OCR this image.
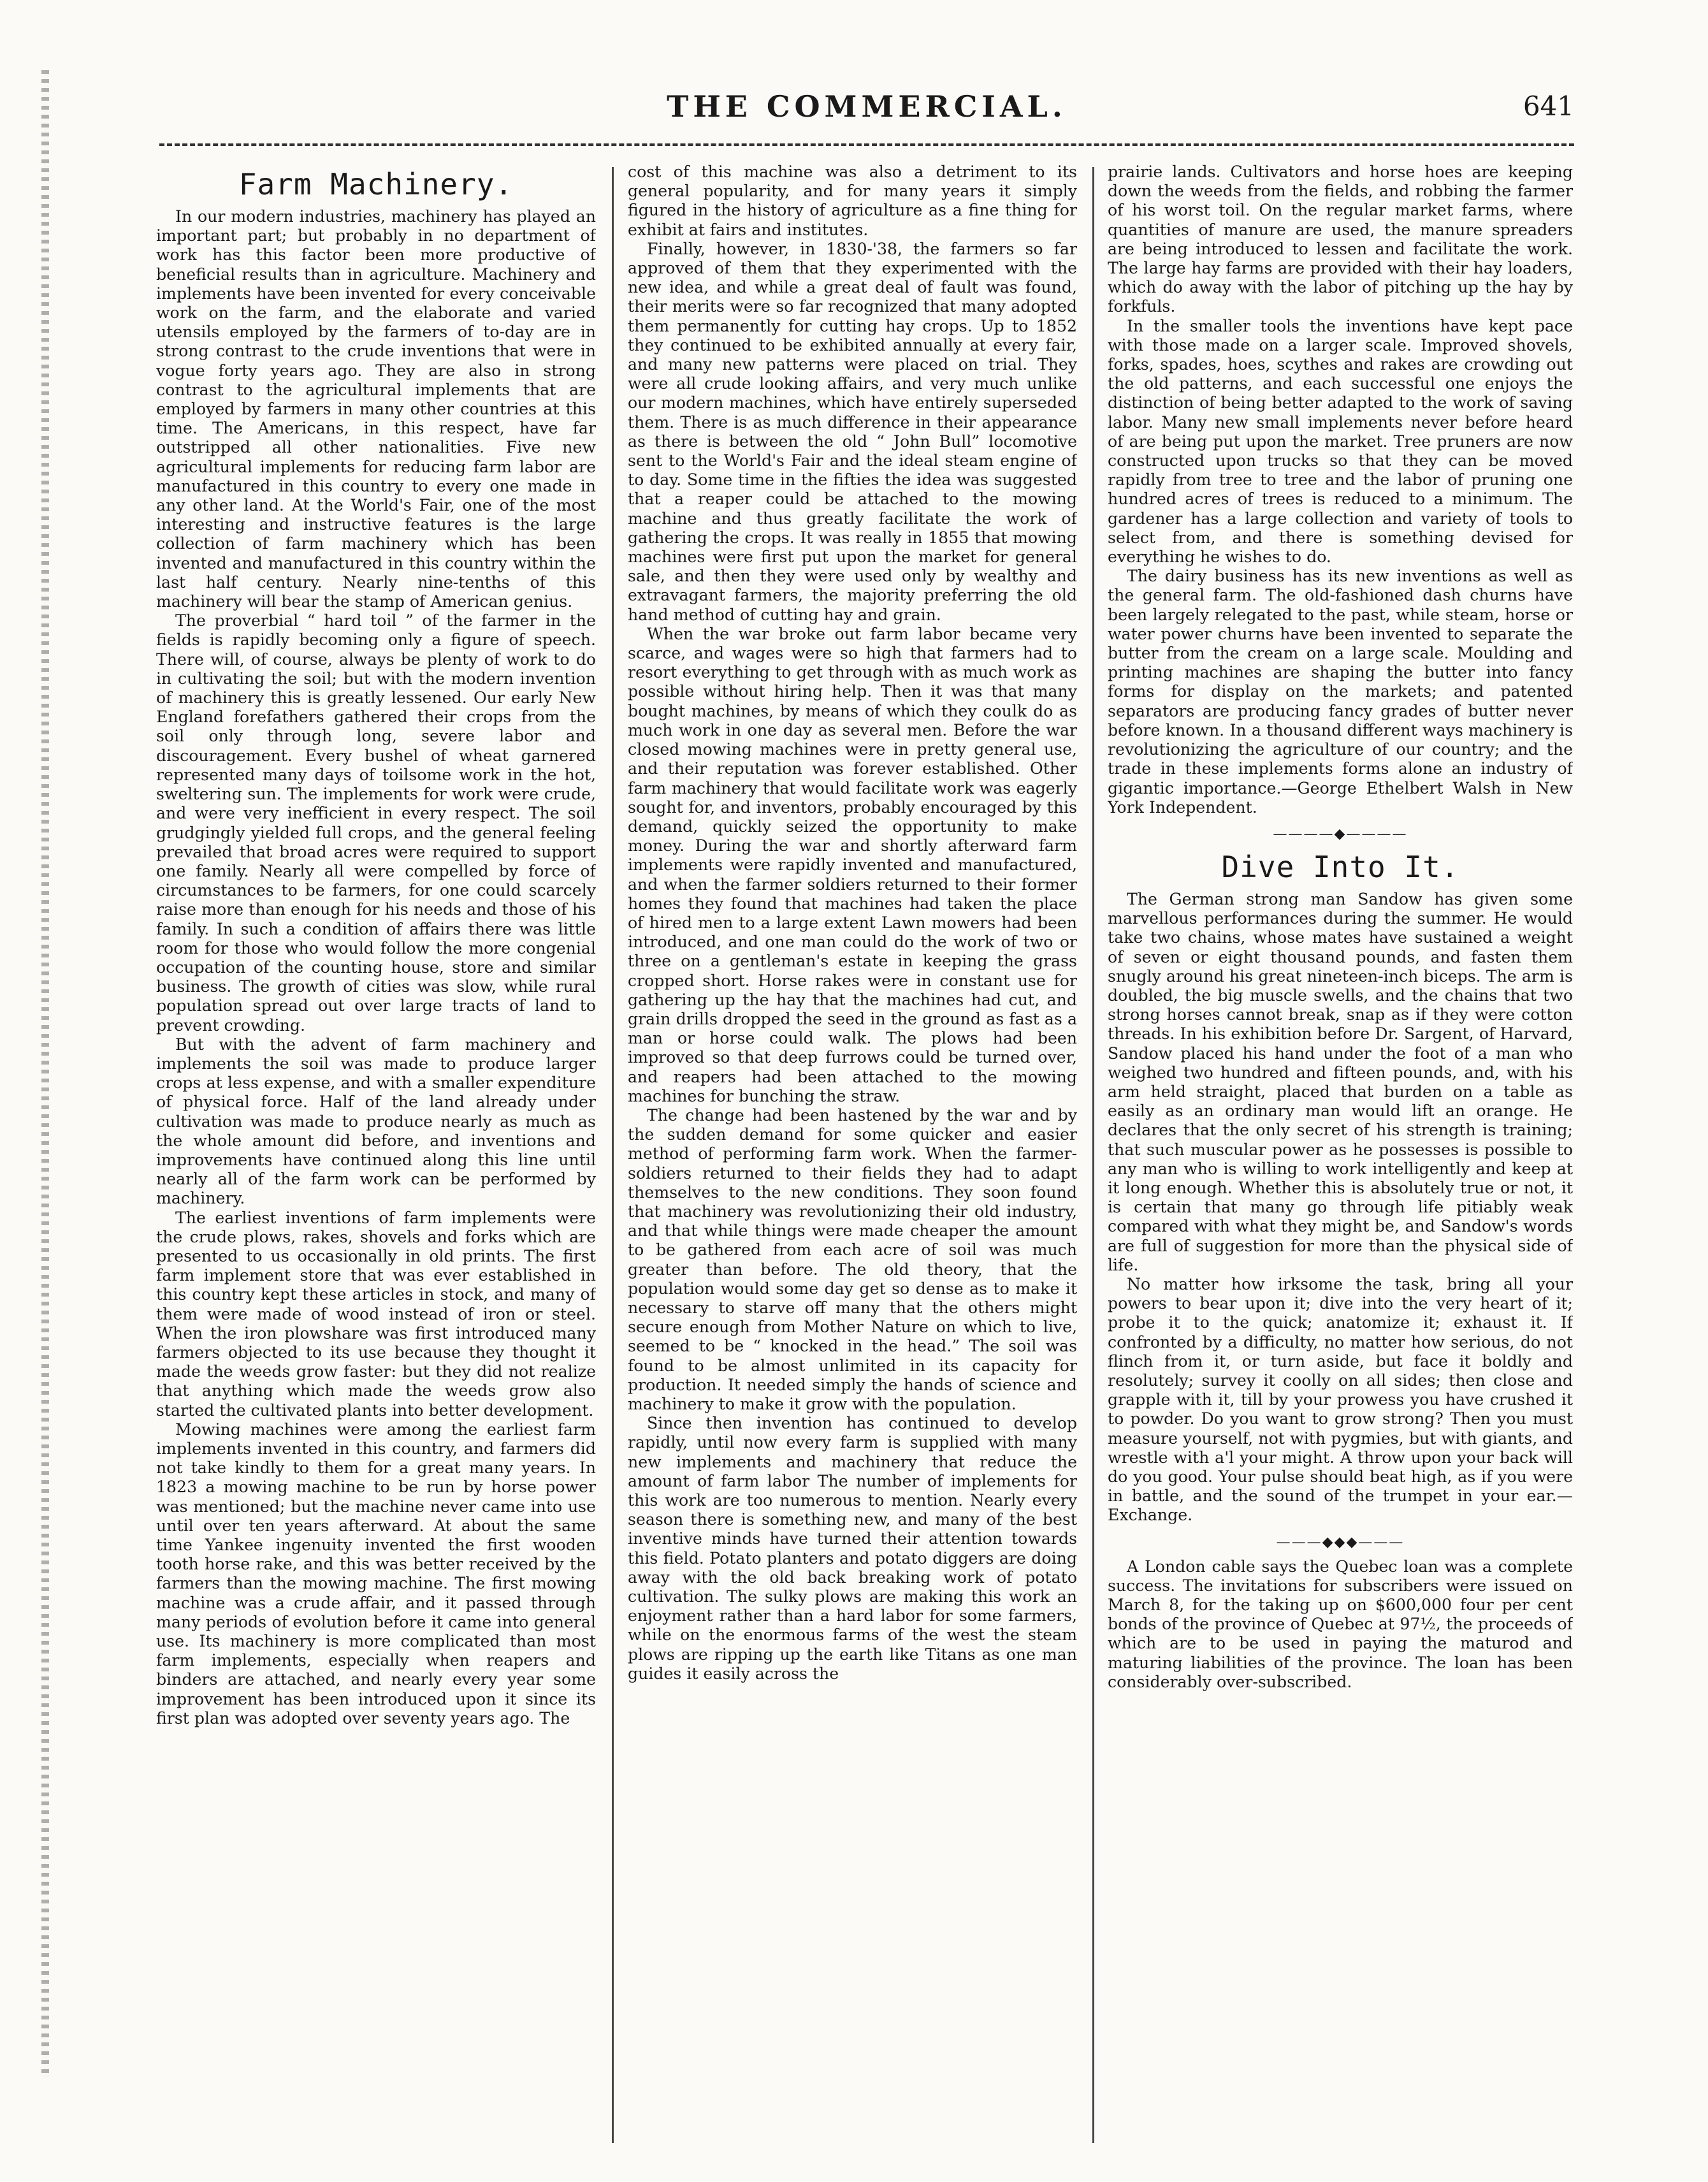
THE COMMERCIAL.	641
Farm Machinery.

In our modern industries, machinery has played an important part; but probably in no department of work has this factor been more productive of beneficial results than in agriculture. Machinery and implements have been invented for every conceivable work on the farm, and the elaborate and varied utensils employed by the farmers of to-day are in strong contrast to the crude inventions that were in vogue forty years ago. They are also in strong contrast to the agricultural implements that are employed by farmers in many other countries at this time. The Americans, in this respect, have far outstripped all other nationalities. Five new agricultural implements for reducing farm labor are manufactured in this country to every one made in any other land. At the World's Fair, one of the most interesting and instructive features is the large collection of farm machinery which has been invented and manufactured in this country within the last half century. Nearly nine-tenths of this machinery will bear the stamp of American genius.

The proverbial “ hard toil ” of the farmer in the fields is rapidly becoming only a figure of speech. There will, of course, always be plenty of work to do in cultivating the soil; but with the modern invention of machinery this is greatly lessened. Our early New England forefathers gathered their crops from the soil only through long, severe labor and discouragement. Every bushel of wheat garnered represented many days of toilsome work in the hot, sweltering sun. The implements for work were crude, and were very inefficient in every respect. The soil grudgingly yielded full crops, and the general feeling prevailed that broad acres were required to support one family. Nearly all were compelled by force of circumstances to be farmers, for one could scarcely raise more than enough for his needs and those of his family. In such a condition of affairs there was little room for those who would follow the more congenial occupation of the counting house, store and similar business. The growth of cities was slow, while rural population spread out over large tracts of land to prevent crowding.

But with the advent of farm machinery and implements the soil was made to produce larger crops at less expense, and with a smaller expenditure of physical force. Half of the land already under cultivation was made to produce nearly as much as the whole amount did before, and inventions and improvements have continued along this line until nearly all of the farm work can be performed by machinery.

The earliest inventions of farm implements were the crude plows, rakes, shovels and forks which are presented to us occasionally in old prints. The first farm implement store that was ever established in this country kept these articles in stock, and many of them were made of wood instead of iron or steel. When the iron plowshare was first introduced many farmers objected to its use because they thought it made the weeds grow faster: but they did not realize that anything which made the weeds grow also started the cultivated plants into better development.

Mowing machines were among the earliest farm implements invented in this country, and farmers did not take kindly to them for a great many years. In 1823 a mowing machine to be run by horse power was mentioned; but the machine never came into use until over ten years afterward. At about the same time Yankee ingenuity invented the first wooden tooth horse rake, and this was better received by the farmers than the mowing machine. The first mowing machine was a crude affair, and it passed through many periods of evolution before it came into general use. Its machinery is more complicated than most farm implements, especially when reapers and binders are attached, and nearly every year some improvement has been introduced upon it since its first plan was adopted over seventy years ago. The

cost of this machine was also a detriment to its general popularity, and for many years it simply figured in the history of agriculture as a fine thing for exhibit at fairs and institutes.

Finally, however, in 1830-'38, the farmers so far approved of them that they experimented with the new idea, and while a great deal of fault was found, their merits were so far recognized that many adopted them permanently for cutting hay crops. Up to 1852 they continued to be exhibited annually at every fair, and many new patterns were placed on trial. They were all crude looking affairs, and very much unlike our modern machines, which have entirely superseded them. There is as much difference in their appearance as there is between the old “ John Bull” locomotive sent to the World's Fair and the ideal steam engine of to day. Some time in the fifties the idea was suggested that a reaper could be attached to the mowing machine and thus greatly facilitate the work of gathering the crops. It was really in 1855 that mowing machines were first put upon the market for general sale, and then they were used only by wealthy and extravagant farmers, the majority preferring the old hand method of cutting hay and grain.

When the war broke out farm labor became very scarce, and wages were so high that farmers had to resort everything to get through with as much work as possible without hiring help. Then it was that many bought machines, by means of which they coulk do as much work in one day as several men. Before the war closed mowing machines were in pretty general use, and their reputation was forever established. Other farm machinery that would facilitate work was eagerly sought for, and inventors, probably encouraged by this demand, quickly seized the opportunity to make money. During the war and shortly afterward farm implements were rapidly invented and manufactured, and when the farmer soldiers returned to their former homes they found that machines had taken the place of hired men to a large extent Lawn mowers had been introduced, and one man could do the work of two or three on a gentleman's estate in keeping the grass cropped short. Horse rakes were in constant use for gathering up the hay that the machines had cut, and grain drills dropped the seed in the ground as fast as a man or horse could walk. The plows had been improved so that deep furrows could be turned over, and reapers had been attached to the mowing machines for bunching the straw.

The change had been hastened by the war and by the sudden demand for some quicker and easier method of performing farm work. When the farmer-soldiers returned to their fields they had to adapt themselves to the new conditions. They soon found that machinery was revolutionizing their old industry, and that while things were made cheaper the amount to be gathered from each acre of soil was much greater than before. The old theory, that the population would some day get so dense as to make it necessary to starve off many that the others might secure enough from Mother Nature on which to live, seemed to be “ knocked in the head.” The soil was found to be almost unlimited in its capacity for production. It needed simply the hands of science and machinery to make it grow with the population.

Since then invention has continued to develop rapidly, until now every farm is supplied with many new implements and machinery that reduce the amount of farm labor The number of implements for this work are too numerous to mention. Nearly every season there is something new, and many of the best inventive minds have turned their attention towards this field. Potato planters and potato diggers are doing away with the old back breaking work of potato cultivation. The sulky plows are making this work an enjoyment rather than a hard labor for some farmers, while on the enormous farms of the west the steam plows are ripping up the earth like Titans as one man guides it easily across the

prairie lands. Cultivators and horse hoes are keeping down the weeds from the fields, and robbing the farmer of his worst toil. On the regular market farms, where quantities of manure are used, the manure spreaders are being introduced to lessen and facilitate the work. The large hay farms are provided with their hay loaders, which do away with the labor of pitching up the hay by forkfuls.

In the smaller tools the inventions have kept pace with those made on a larger scale. Improved shovels, forks, spades, hoes, scythes and rakes are crowding out the old patterns, and each successful one enjoys the distinction of being better adapted to the work of saving labor. Many new small implements never before heard of are being put upon the market. Tree pruners are now constructed upon trucks so that they can be moved rapidly from tree to tree and the labor of pruning one hundred acres of trees is reduced to a minimum. The gardener has a large collection and variety of tools to select from, and there is something devised for everything he wishes to do.

The dairy business has its new inventions as well as the general farm. The old-fashioned dash churns have been largely relegated to the past, while steam, horse or water power churns have been invented to separate the butter from the cream on a large scale. Moulding and printing machines are shaping the butter into fancy forms for display on the markets; and patented separators are producing fancy grades of butter never before known. In a thousand different ways machinery is revolutionizing the agriculture of our country; and the trade in these implements forms alone an industry of gigantic importance.—George Ethelbert Walsh in New York Independent.

————◆————
Dive Into It.

The German strong man Sandow has given some marvellous performances during the summer. He would take two chains, whose mates have sustained a weight of seven or eight thousand pounds, and fasten them snugly around his great nineteen-inch biceps. The arm is doubled, the big muscle swells, and the chains that two strong horses cannot break, snap as if they were cotton threads. In his exhibition before Dr. Sargent, of Harvard, Sandow placed his hand under the foot of a man who weighed two hundred and fifteen pounds, and, with his arm held straight, placed that burden on a table as easily as an ordinary man would lift an orange. He declares that the only secret of his strength is training; that such muscular power as he possesses is possible to any man who is willing to work intelligently and keep at it long enough. Whether this is absolutely true or not, it is certain that many go through life pitiably weak compared with what they might be, and Sandow's words are full of suggestion for more than the physical side of life.

No matter how irksome the task, bring all your powers to bear upon it; dive into the very heart of it; probe it to the quick; anatomize it; exhaust it. If confronted by a difficulty, no matter how serious, do not flinch from it, or turn aside, but face it boldly and resolutely; survey it coolly on all sides; then close and grapple with it, till by your prowess you have crushed it to powder. Do you want to grow strong? Then you must measure yourself, not with pygmies, but with giants, and wrestle with a'l your might. A throw upon your back will do you good. Your pulse should beat high, as if you were in battle, and the sound of the trumpet in your ear.—Exchange.

———◆◆◆———

A London cable says the Quebec loan was a complete success. The invitations for subscribers were issued on March 8, for the taking up on $600,000 four per cent bonds of the province of Quebec at 97½, the proceeds of which are to be used in paying the maturod and maturing liabilities of the province. The loan has been considerably over-subscribed.
